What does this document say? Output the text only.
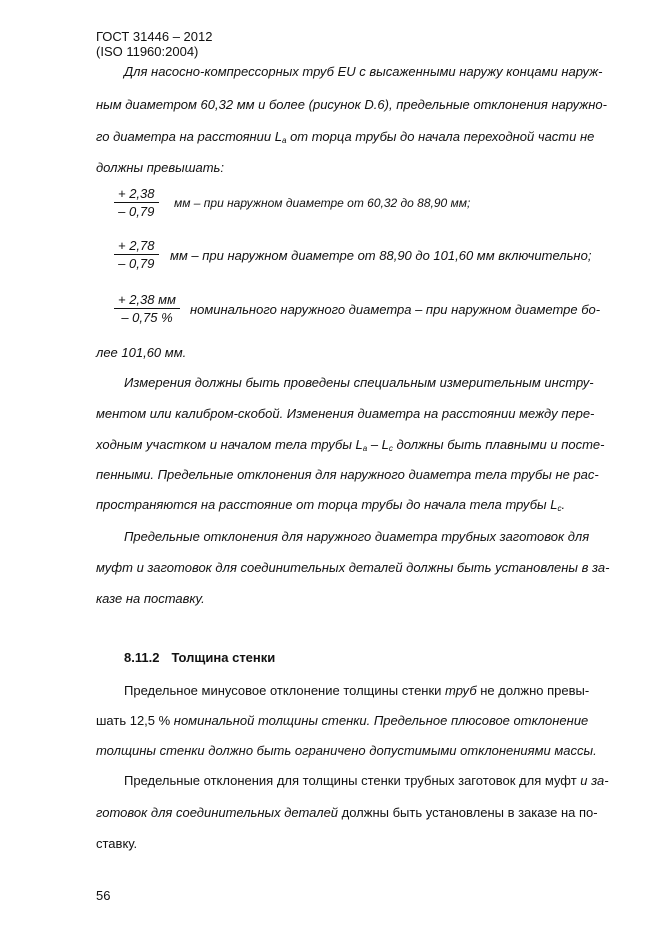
ГОСТ 31446 – 2012
(ISO 11960:2004)
Для насосно-компрессорных труб EU с высаженными наружу концами наруж-
ным диаметром 60,32 мм и более (рисунок D.6), предельные отклонения наружно-
го диаметра на расстоянии $L_a$ от торца трубы до начала переходной части не
должны превышать:
$\frac{+ 2,38}{- 0,79}$ мм – при наружном диаметре от 60,32 до 88,90 мм;
$\frac{+ 2,78}{- 0,79}$ мм – при наружном диаметре от 88,90 до 101,60 мм включительно;
+ 2,38 мм
– 0,75 %
номинального наружного диаметра – при наружном диаметре бо-
лее 101,60 мм.
Измерения должны быть проведены специальным измерительным инстру-
ментом или калибром-скобой. Изменения диаметра на расстоянии между пере-
ходным участком и началом тела трубы $L_a - L_c$ должны быть плавными и посте-
пенными. Предельные отклонения для наружного диаметра тела трубы не рас-
пространяются на расстояние от торца трубы до начала тела трубы $L_c$.
Предельные отклонения для наружного диаметра трубных заготовок для
муфт и заготовок для соединительных деталей должны быть установлены в за-
казе на поставку.
8.11.2 Толщина стенки
Предельное минусовое отклонение толщины стенки труб не должно превы-
шать 12,5 % номинальной толщины стенки. Предельное плюсовое отклонение
толщины стенки должно быть ограничено допустимыми отклонениями массы.
Предельные отклонения для толщины стенки трубных заготовок для муфт и за-
готовок для соединительных деталей должны быть установлены в заказе на по-
ставку.
56
